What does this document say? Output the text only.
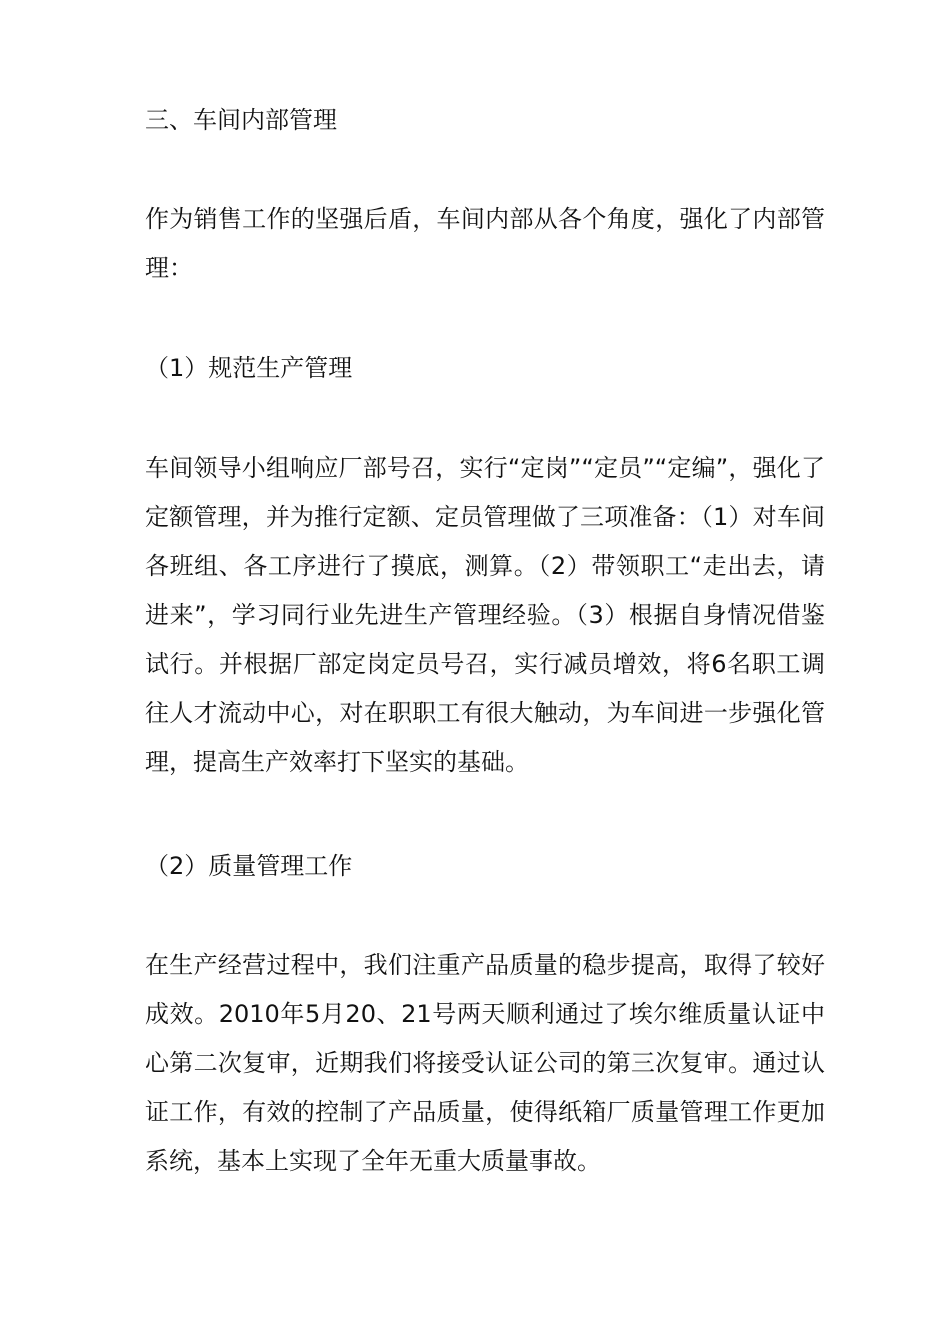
三、车间内部管理

作为销售工作的坚强后盾，车间内部从各个角度，强化了内部管理：

（1）规范生产管理

车间领导小组响应厂部号召，实行“定岗”“定员”“定编”，强化了定额管理，并为推行定额、定员管理做了三项准备：（1）对车间各班组、各工序进行了摸底，测算。（2）带领职工“走出去，请进来”，学习同行业先进生产管理经验。（3）根据自身情况借鉴试行。并根据厂部定岗定员号召，实行减员增效，将6名职工调往人才流动中心，对在职职工有很大触动，为车间进一步强化管理，提高生产效率打下坚实的基础。

（2）质量管理工作

在生产经营过程中，我们注重产品质量的稳步提高，取得了较好成效。2010年5月20、21号两天顺利通过了埃尔维质量认证中心第二次复审，近期我们将接受认证公司的第三次复审。通过认证工作，有效的控制了产品质量，使得纸箱厂质量管理工作更加系统，基本上实现了全年无重大质量事故。
